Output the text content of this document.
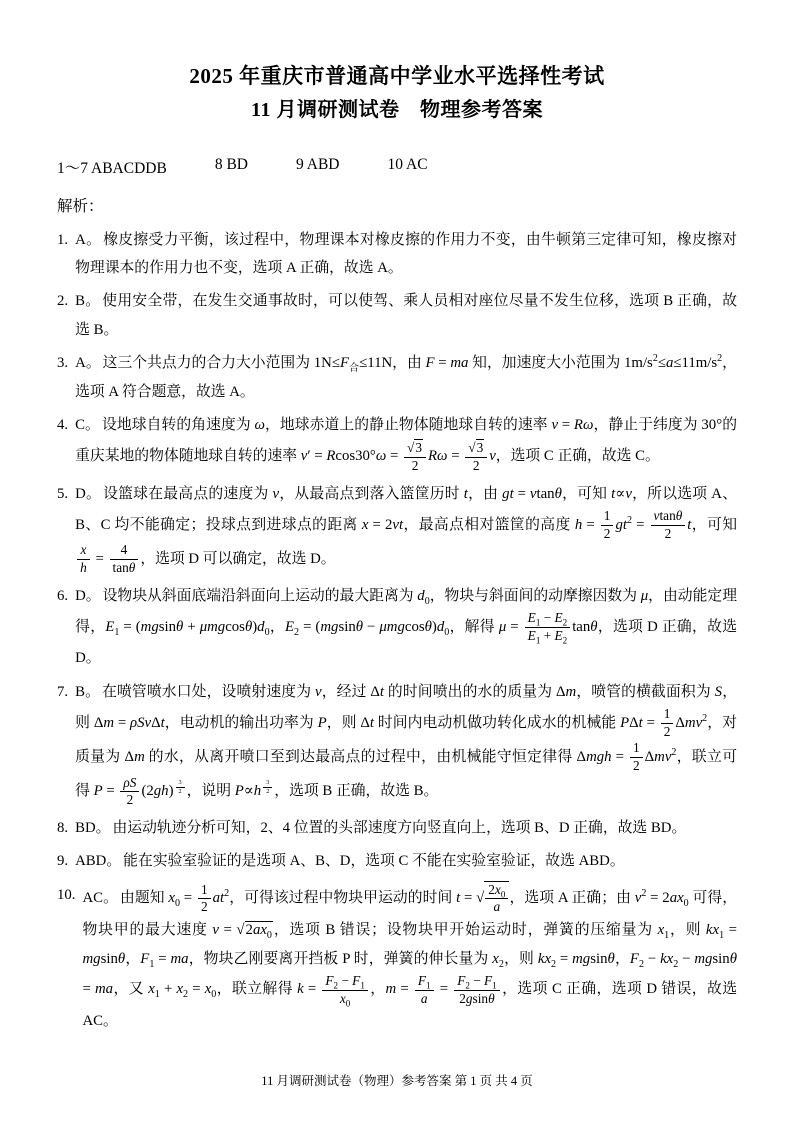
2025 年重庆市普通高中学业水平选择性考试
11 月调研测试卷　物理参考答案
1～7 ABACDDB	8 BD	9 ABD	10 AC
解析：
1. A。 橡皮擦受力平衡，该过程中，物理课本对橡皮擦的作用力不变，由牛顿第三定律可知，橡皮擦对物理课本的作用力也不变，选项 A 正确，故选 A。
2. B。 使用安全带，在发生交通事故时，可以使驾、乘人员相对座位尽量不发生位移，选项 B 正确，故选 B。
3. A。 这三个共点力的合力大小范围为 $1N\le F_合\le 11N$，由 F = ma 知，加速度大小范围为 $1m/s^2\le a\le 11m/s^2$，选项 A 符合题意，故选 A。
4. C。 设地球自转的角速度为 ω，地球赤道上的静止物体随地球自转的速率 v = Rω，静止于纬度为 30°的重庆某地的物体随地球自转的速率 $v' = Rcos30^\circ\omega = \frac{√3}{2}$ $R\omega = \frac{√3}{2}$ v，选项 C 正确，故选 C。
5. D。 设篮球在最高点的速度为 v，从最高点到落入篮筐历时 t，由 gt = vtanθ，可知 t∝v，所以选项 A、B、C 均不能确定；投球点到进球点的距离 x = 2vt，最高点相对篮筐的高度 $h = \frac{1}{2} gt^2 = \frac{vtan\theta}{2}$ t，可知
$\frac{x}{h} = \frac{4}{\tan\theta}$ ，选项 D 可以确定，故选 D。
6. D。 设物块从斜面底端沿斜面向上运动的最大距离为 $d_0$，物块与斜面间的动摩擦因数为 μ，由动能定理得，$E_1 = (mgsin\theta + \mu mgcos\theta)d_0$，$E_2 = (mgsin\theta - \mu mgcos\theta)d_0$，解得 $\mu = \frac{E_1 - E_2}{E_1 + E_2}$ tanθ，选项 D 正确，故选 D。
7. B。 在喷管喷水口处，设喷射速度为 v，经过 Δt 的时间喷出的水的质量为 Δm，喷管的横截面积为 S，则 Δm = ρSvΔt，电动机的输出功率为 P，则 Δt 时间内电动机做功转化成水的机械能 $P\Delta t = \frac{1}{2} \Delta mv^2$，对质量为 Δm 的水，从离开喷口至到达最高点的过程中，由机械能守恒定律得 $\Delta mgh = \frac{1}{2} \Delta mv^2$，联立可得 $P = \frac{\rho S}{2} (2gh)$ $^{\frac{3}{2}}$ ，说明 P∝h $^{\frac{3}{2}}$ ，选项 B 正确，故选 B。
8. BD。 由运动轨迹分析可知，2、4 位置的头部速度方向竖直向上，选项 B、D 正确，故选 BD。
9. ABD。 能在实验室验证的是选项 A、B、D，选项 C 不能在实验室验证，故选 ABD。
10. AC。 由题知 $x_0 = \frac{1}{2} at^2$，可得该过程中物块甲运动的时间 t = √ $\frac{2x_0}{a}$ ，选项 A 正确；由 $v^2 = 2ax_0$ 可得，物块甲的最大速度 $v = √2ax_0$，选项 B 错误；设物块甲开始运动时，弹簧的压缩量为 $x_1$，则 $kx_1 = mgsin\theta$，$F_1$ = ma，物块乙刚要离开挡板 P 时，弹簧的伸长量为 $x_2$，则 $kx_2 = mgsin\theta$，$F_2 - kx_2 - mgsin\theta$ = ma，又 $x_1 + x_2 = x_0$，联立解得 $k = \frac{F_2 - F_1}{x_0}$ ，$m = \frac{F_1}{a} = \frac{F_2 - F_1}{2gsin\theta}$ ，选项 C 正确，选项 D 错误，故选 AC。
11 月调研测试卷（物理）参考答案 第 1 页 共 4 页
